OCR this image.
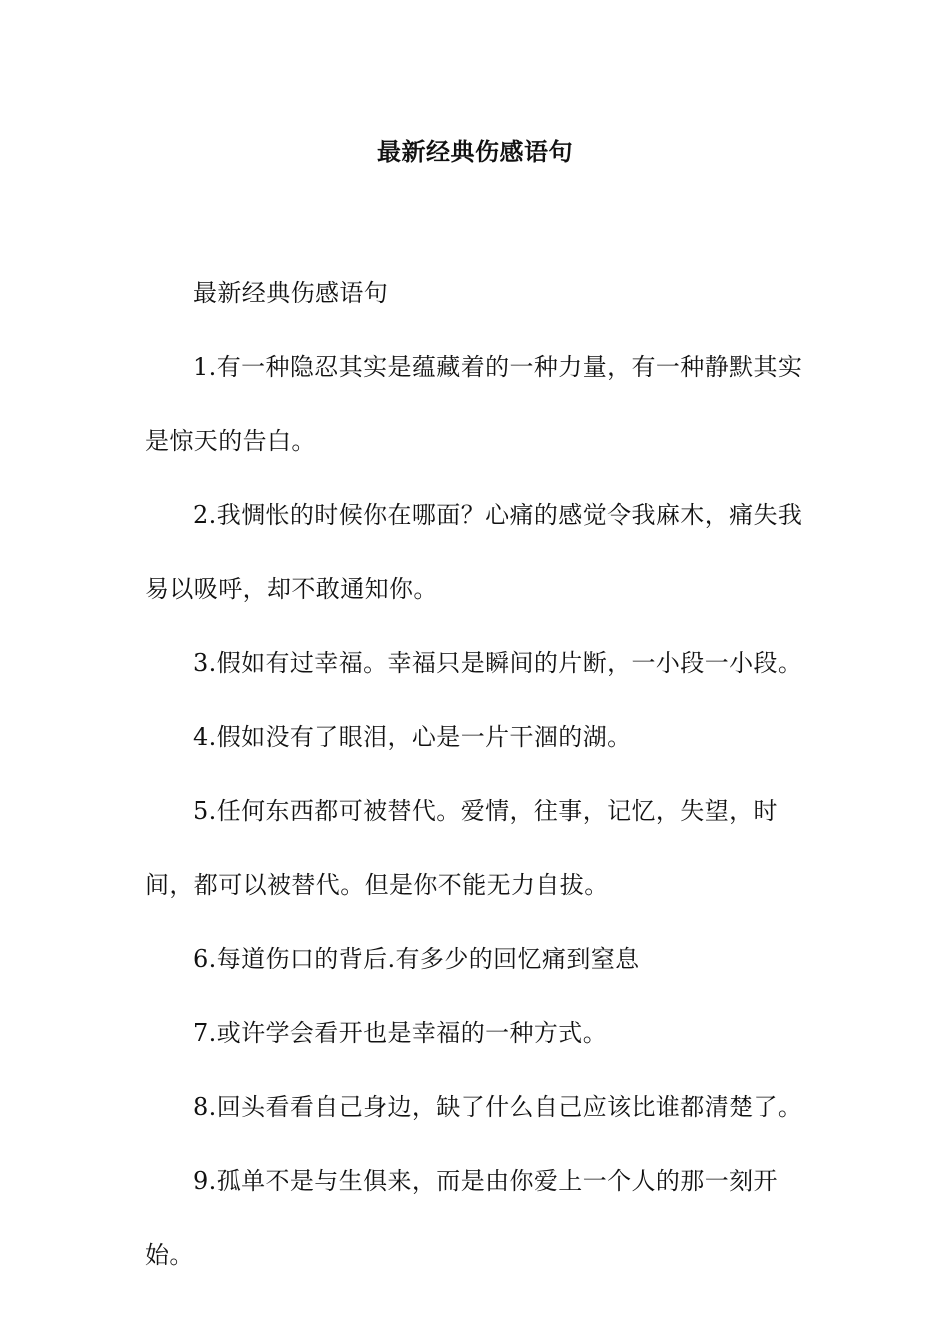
最新经典伤感语句

最新经典伤感语句

1.有一种隐忍其实是蕴藏着的一种力量，有一种静默其实是惊天的告白。

2.我惆怅的时候你在哪面？心痛的感觉令我麻木，痛失我易以吸呼，却不敢通知你。

3.假如有过幸福。幸福只是瞬间的片断，一小段一小段。

4.假如没有了眼泪，心是一片干涸的湖。

5.任何东西都可被替代。爱情，往事，记忆，失望，时间，都可以被替代。但是你不能无力自拔。

6.每道伤口的背后.有多少的回忆痛到窒息

7.或许学会看开也是幸福的一种方式。

8.回头看看自己身边，缺了什么自己应该比谁都清楚了。

9.孤单不是与生俱来，而是由你爱上一个人的那一刻开始。
